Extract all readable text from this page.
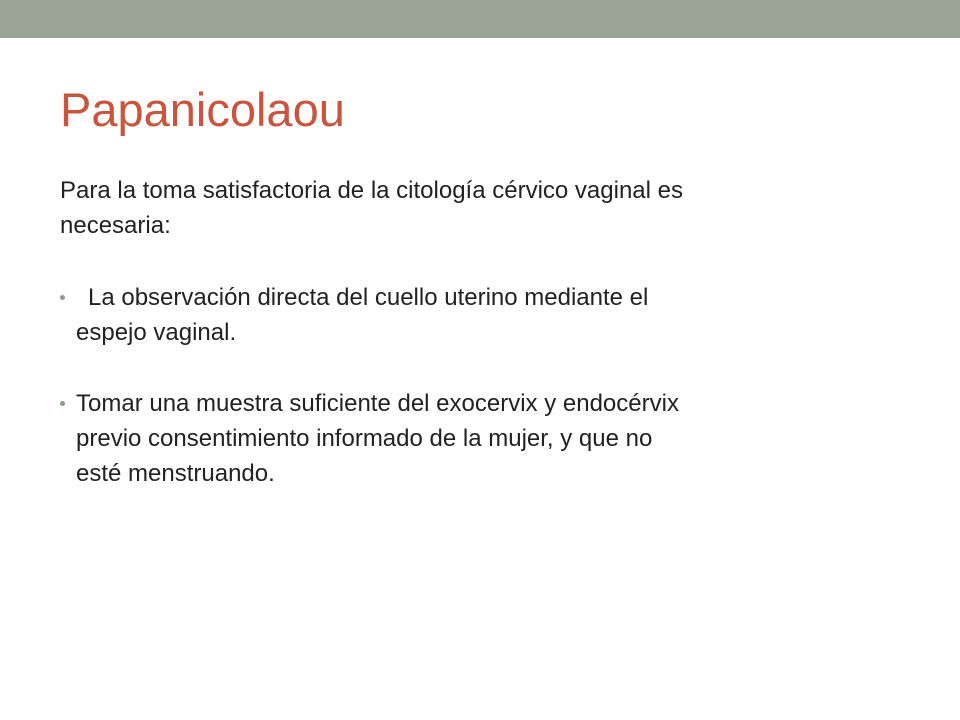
Papanicolaou

Para la toma satisfactoria de la citología cérvico vaginal es
necesaria:

La observación directa del cuello uterino mediante el
espejo vaginal.
Tomar una muestra suficiente del exocervix y endocérvix
previo consentimiento informado de la mujer, y que no
esté menstruando.
